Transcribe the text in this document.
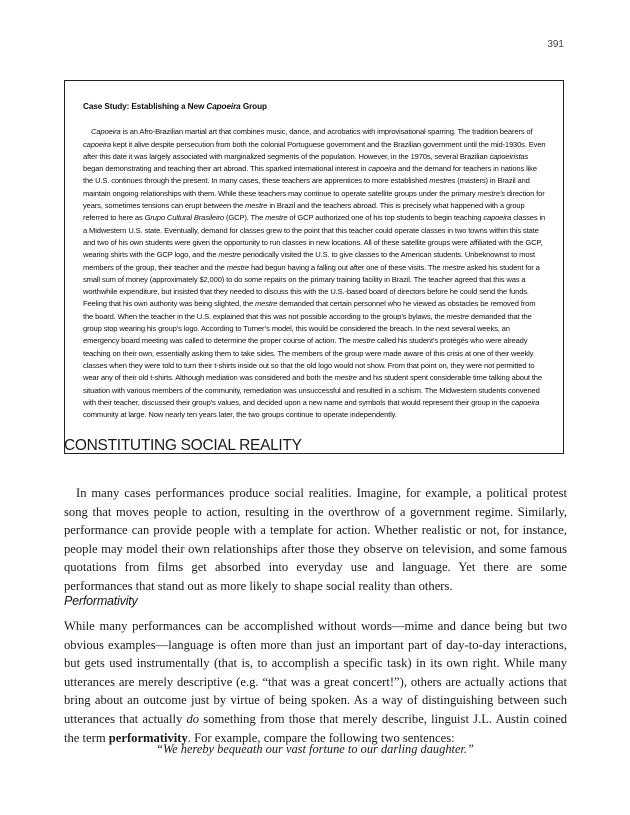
391

Case Study: Establishing a New Capoeira Group

Capoeira is an Afro-Brazilian martial art that combines music, dance, and acrobatics with improvisational sparring. The tradition bearers of capoeira kept it alive despite persecution from both the colonial Portuguese government and the Brazilian government until the mid-1930s. Even after this date it was largely associated with marginalized segments of the population. However, in the 1970s, several Brazilian capoeiristas began demonstrating and teaching their art abroad. This sparked international interest in capoeira and the demand for teachers in nations like the U.S. continues through the present. In many cases, these teachers are apprentices to more established mestres (masters) in Brazil and maintain ongoing relationships with them. While these teachers may continue to operate satellite groups under the primary mestre’s direction for years, sometimes tensions can erupt between the mestre in Brazil and the teachers abroad. This is precisely what happened with a group referred to here as Grupo Cultural Brasileiro (GCP). The mestre of GCP authorized one of his top students to begin teaching capoeira classes in a Midwestern U.S. state. Eventually, demand for classes grew to the point that this teacher could operate classes in two towns within this state and two of his own students were given the opportunity to run classes in new locations. All of these satellite groups were affiliated with the GCP, wearing shirts with the GCP logo, and the mestre periodically visited the U.S. to give classes to the American students. Unbeknownst to most members of the group, their teacher and the mestre had begun having a falling out after one of these visits. The mestre asked his student for a small sum of money (approximately $2,000) to do some repairs on the primary training facility in Brazil. The teacher agreed that this was a worthwhile expenditure, but insisted that they needed to discuss this with the U.S.-based board of directors before he could send the funds. Feeling that his own authority was being slighted, the mestre demanded that certain personnel who he viewed as obstacles be removed from the board. When the teacher in the U.S. explained that this was not possible according to the group’s bylaws, the mestre demanded that the group stop wearing his group’s logo. According to Turner’s model, this would be considered the breach. In the next several weeks, an emergency board meeting was called to determine the proper course of action. The mestre called his student’s protégés who were already teaching on their own, essentially asking them to take sides. The members of the group were made aware of this crisis at one of their weekly classes when they were told to turn their t-shirts inside out so that the old logo would not show. From that point on, they were not permitted to wear any of their old t-shirts. Although mediation was considered and both the mestre and his student spent considerable time talking about the situation with various members of the community, remediation was unsuccessful and resulted in a schism. The Midwestern students convened with their teacher, discussed their group’s values, and decided upon a new name and symbols that would represent their group in the capoeira community at large. Now nearly ten years later, the two groups continue to operate independently.

CONSTITUTING SOCIAL REALITY

In many cases performances produce social realities. Imagine, for example, a political protest song that moves people to action, resulting in the overthrow of a government regime. Similarly, performance can provide people with a template for action. Whether realistic or not, for instance, people may model their own relationships after those they observe on television, and some famous quotations from films get absorbed into everyday use and language. Yet there are some performances that stand out as more likely to shape social reality than others.

Performativity

While many performances can be accomplished without words—mime and dance being but two obvious examples—language is often more than just an important part of day-to-day interactions, but gets used instrumentally (that is, to accomplish a specific task) in its own right. While many utterances are merely descriptive (e.g. “that was a great concert!”), others are actually actions that bring about an outcome just by virtue of being spoken. As a way of distinguishing between such utterances that actually do something from those that merely describe, linguist J.L. Austin coined the term performativity. For example, compare the following two sentences:

“We hereby bequeath our vast fortune to our darling daughter.”
